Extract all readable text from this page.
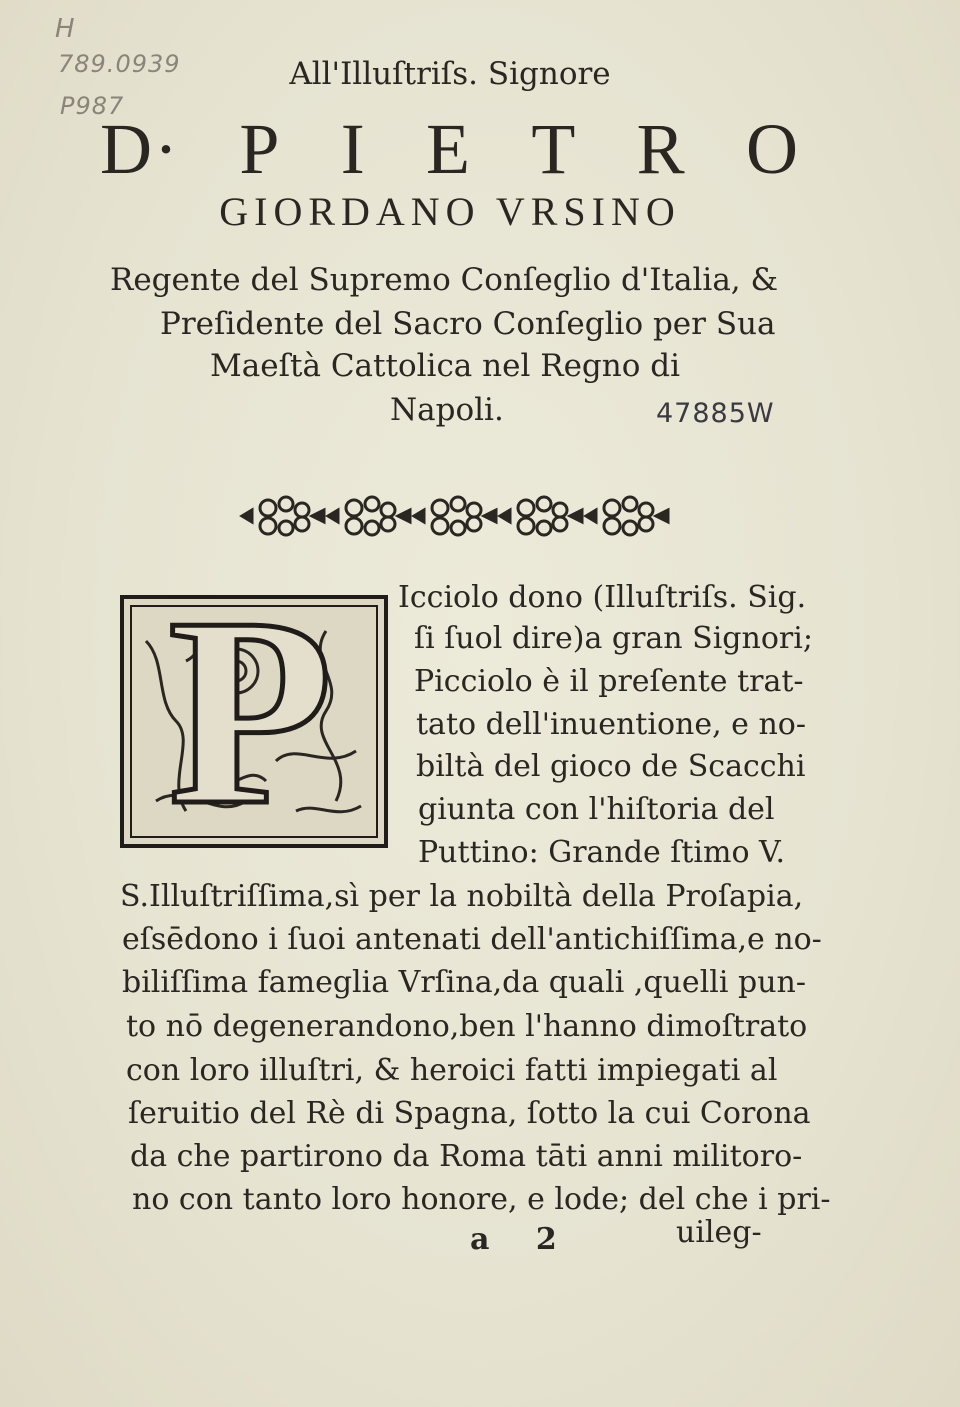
H
789.0939
P987
All'Illuſtriſs. Signore
D· P I E T R O
GIORDANO VRSINO
Regente del Supremo Conſeglio d'Italia, &
Preſidente del Sacro Conſeglio per Sua
Maeſtà Cattolica nel Regno di
Napoli.	47885W
P Icciolo dono (Illuſtriſs. Sig.
ſi ſuol dire)a gran Signori;
Picciolo è il preſente trat-
tato dell'inuentione, e no-
biltà del gioco de Scacchi
giunta con l'hiſtoria del
Puttino: Grande ſtimo V.
S.Illuſtriſſima,sì per la nobiltà della Proſapia,
eſsēdono i ſuoi antenati dell'antichiſſima,e no-
biliſſima fameglia Vrſina,da quali ,quelli pun-
to nō degenerandono,ben l'hanno dimoſtrato
con loro illuſtri, & heroici fatti impiegati al
ſeruitio del Rè di Spagna, ſotto la cui Corona
da che partirono da Roma tāti anni militoro-
no con tanto loro honore, e lode; del che i pri-
a 2	uileg-
